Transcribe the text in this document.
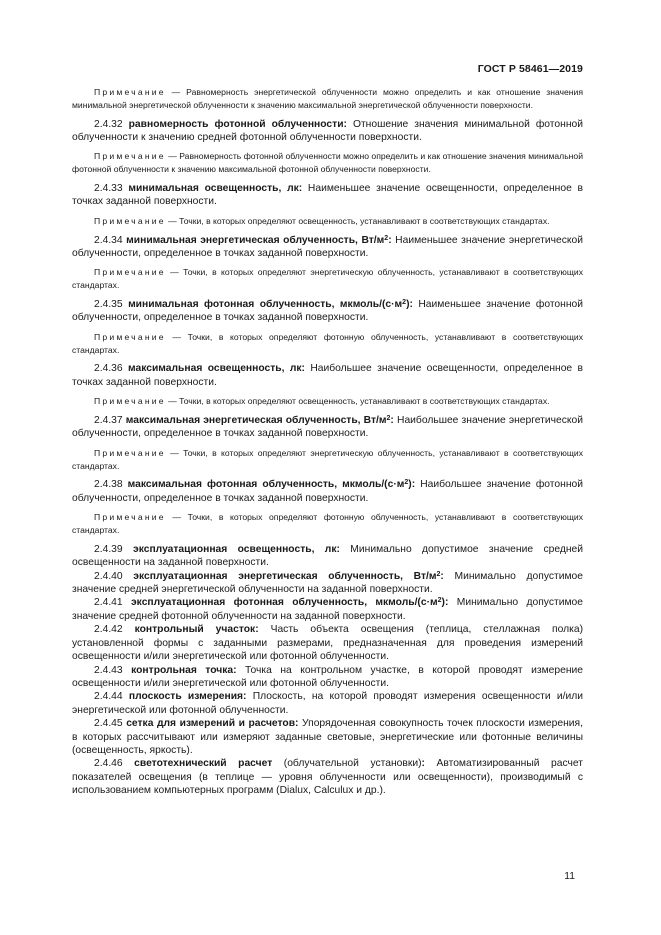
ГОСТ Р 58461—2019

Примечание — Равномерность энергетической облученности можно определить и как отношение значения минимальной энергетической облученности к значению максимальной энергетической облученности поверхности.

2.4.32 равномерность фотонной облученности: Отношение значения минимальной фотонной облученности к значению средней фотонной облученности поверхности.

Примечание — Равномерность фотонной облученности можно определить и как отношение значения минимальной фотонной облученности к значению максимальной фотонной облученности поверхности.

2.4.33 минимальная освещенность, лк: Наименьшее значение освещенности, определенное в точках заданной поверхности.

Примечание — Точки, в которых определяют освещенность, устанавливают в соответствующих стандартах.

2.4.34 минимальная энергетическая облученность, $Вт/м^2$: Наименьшее значение энергетической облученности, определенное в точках заданной поверхности.

Примечание — Точки, в которых определяют энергетическую облученность, устанавливают в соответствующих стандартах.

2.4.35 минимальная фотонная облученность, мкмоль/$(с\cdot м^2)$: Наименьшее значение фотонной облученности, определенное в точках заданной поверхности.

Примечание — Точки, в которых определяют фотонную облученность, устанавливают в соответствующих стандартах.

2.4.36 максимальная освещенность, лк: Наибольшее значение освещенности, определенное в точках заданной поверхности.

Примечание — Точки, в которых определяют освещенность, устанавливают в соответствующих стандартах.

2.4.37 максимальная энергетическая облученность, $Вт/м^2$: Наибольшее значение энергетической облученности, определенное в точках заданной поверхности.

Примечание — Точки, в которых определяют энергетическую облученность, устанавливают в соответствующих стандартах.

2.4.38 максимальная фотонная облученность, мкмоль/$(с\cdot м^2)$: Наибольшее значение фотонной облученности, определенное в точках заданной поверхности.

Примечание — Точки, в которых определяют фотонную облученность, устанавливают в соответствующих стандартах.

2.4.39 эксплуатационная освещенность, лк: Минимально допустимое значение средней освещенности на заданной поверхности.

2.4.40 эксплуатационная энергетическая облученность, $Вт/м^2$: Минимально допустимое значение средней энергетической облученности на заданной поверхности.

2.4.41 эксплуатационная фотонная облученность, мкмоль/$(с\cdot м^2)$: Минимально допустимое значение средней фотонной облученности на заданной поверхности.

2.4.42 контрольный участок: Часть объекта освещения (теплица, стеллажная полка) установленной формы с заданными размерами, предназначенная для проведения измерений освещенности и/или энергетической или фотонной облученности.

2.4.43 контрольная точка: Точка на контрольном участке, в которой проводят измерение освещенности и/или энергетической или фотонной облученности.

2.4.44 плоскость измерения: Плоскость, на которой проводят измерения освещенности и/или энергетической или фотонной облученности.

2.4.45 сетка для измерений и расчетов: Упорядоченная совокупность точек плоскости измерения, в которых рассчитывают или измеряют заданные световые, энергетические или фотонные величины (освещенность, яркость).

2.4.46 светотехнический расчет (облучательной установки): Автоматизированный расчет показателей освещения (в теплице — уровня облученности или освещенности), производимый с использованием компьютерных программ (Dialux, Calculux и др.).

11
